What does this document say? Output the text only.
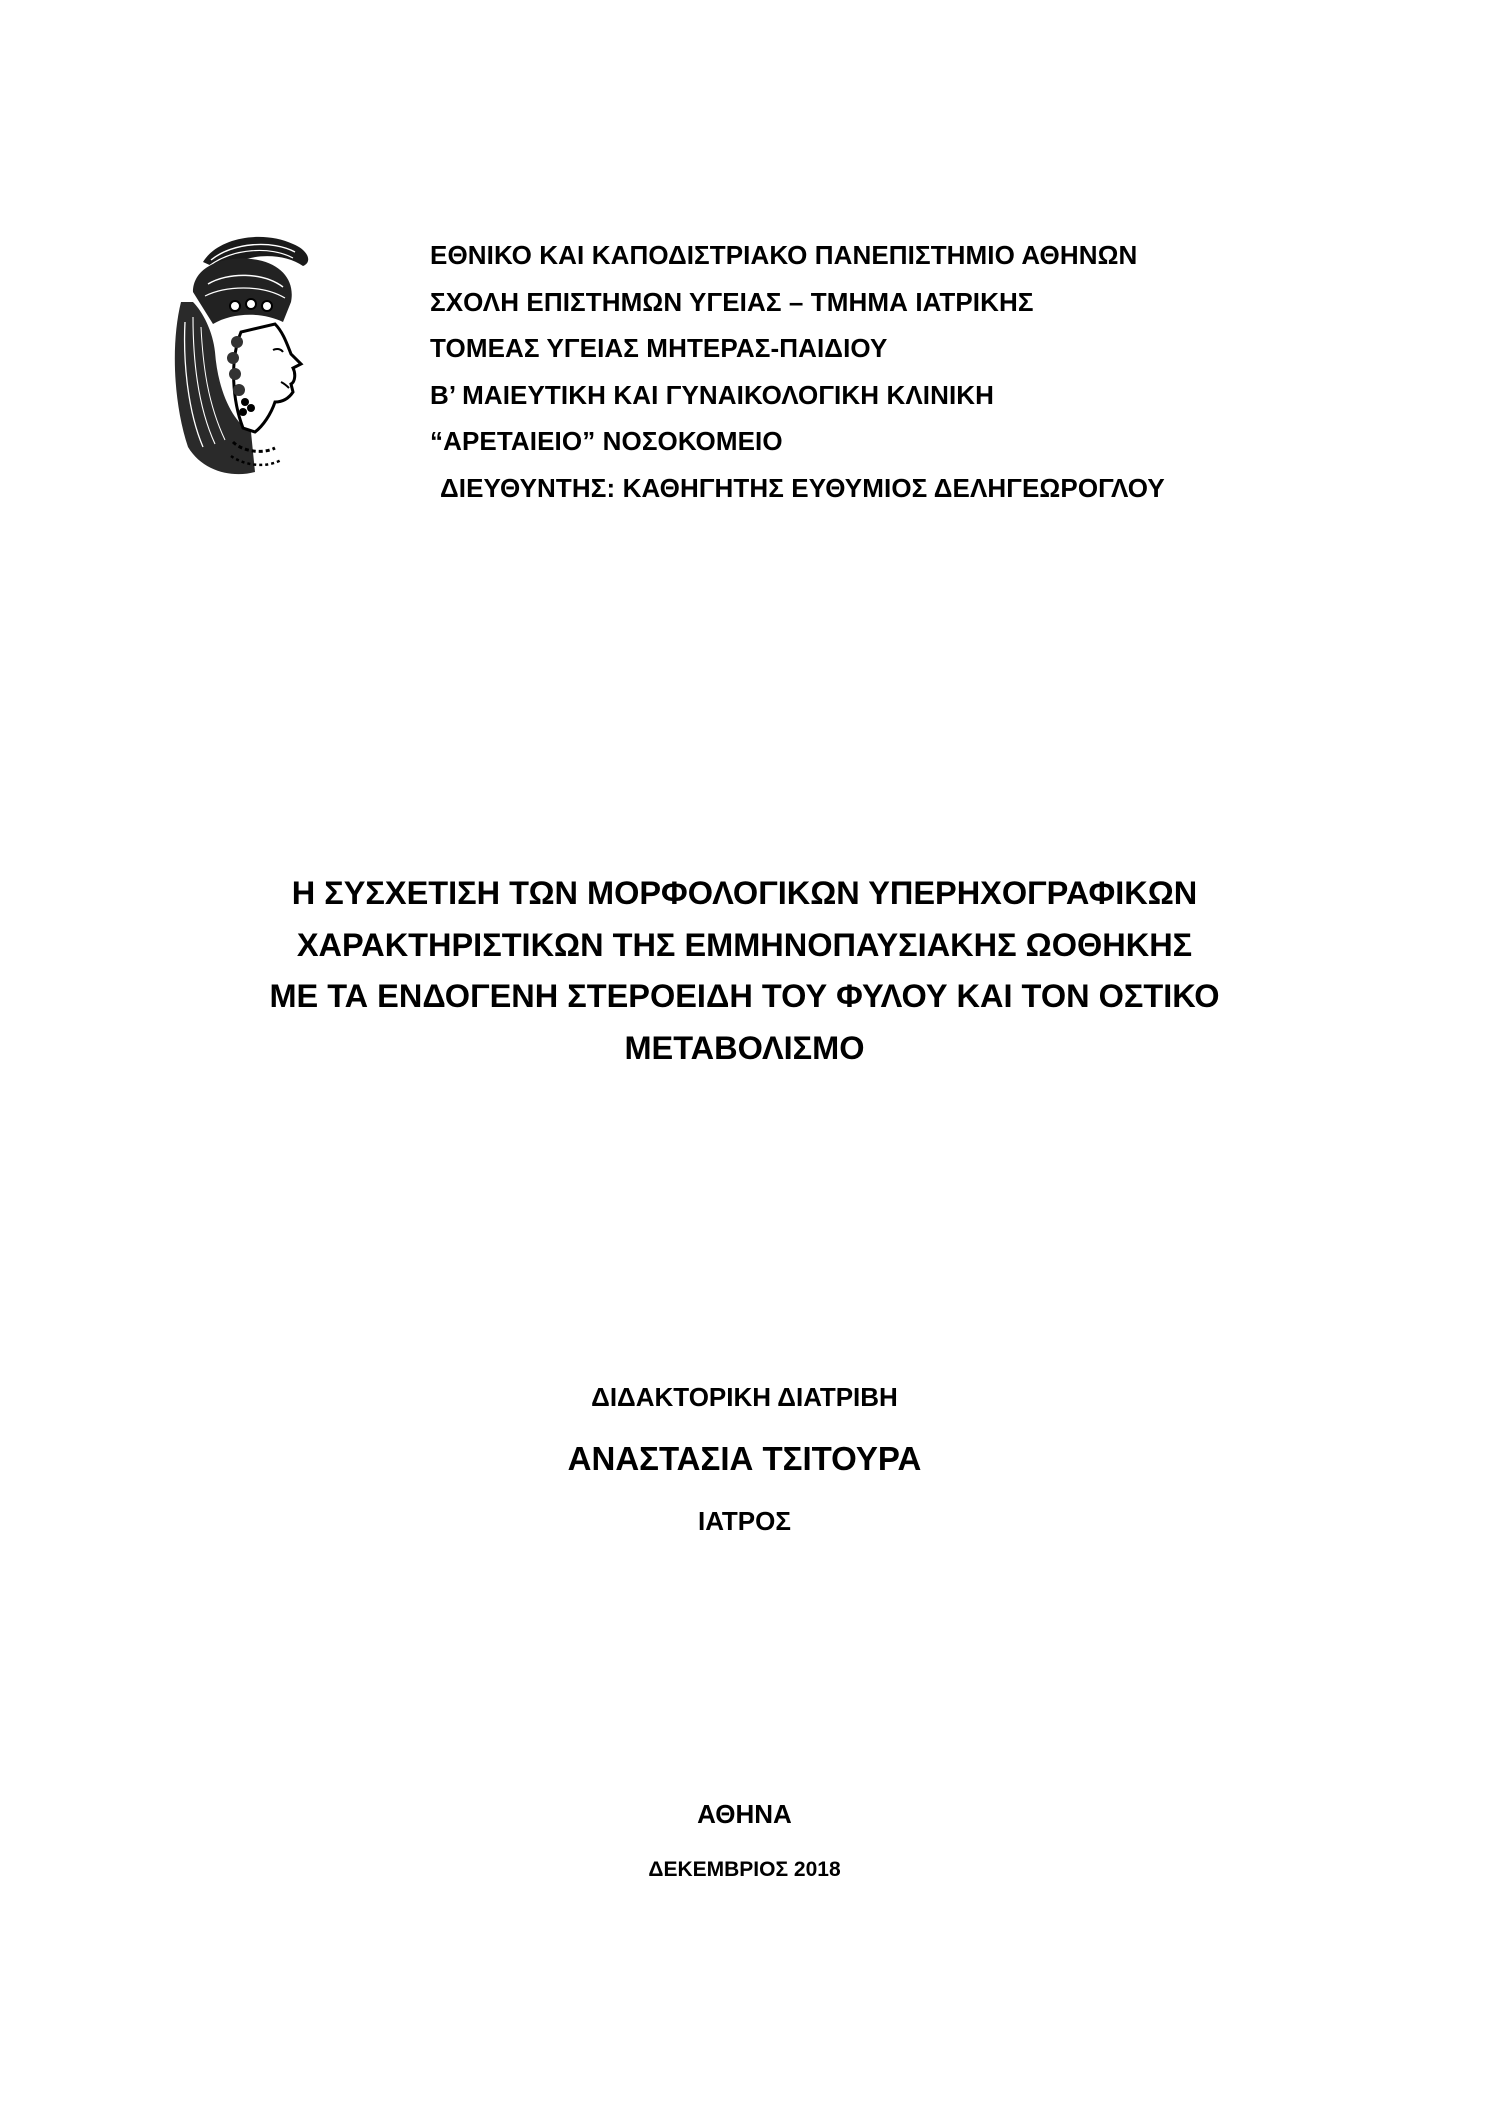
ΕΘΝΙΚΟ ΚΑΙ ΚΑΠΟΔΙΣΤΡΙΑΚΟ ΠΑΝΕΠΙΣΤΗΜΙΟ ΑΘΗΝΩΝ
ΣΧΟΛΗ ΕΠΙΣΤΗΜΩΝ ΥΓΕΙΑΣ – ΤΜΗΜΑ ΙΑΤΡΙΚΗΣ
ΤΟΜΕΑΣ ΥΓΕΙΑΣ ΜΗΤΕΡΑΣ-ΠΑΙΔΙΟΥ
Β’ ΜΑΙΕΥΤΙΚΗ ΚΑΙ ΓΥΝΑΙΚΟΛΟΓΙΚΗ ΚΛΙΝΙΚΗ
“ΑΡΕΤΑΙΕΙΟ” ΝΟΣΟΚΟΜΕΙΟ
ΔΙΕΥΘΥΝΤΗΣ: ΚΑΘΗΓΗΤΗΣ ΕΥΘΥΜΙΟΣ ΔΕΛΗΓΕΩΡΟΓΛΟΥ
Η ΣΥΣΧΕΤΙΣΗ ΤΩΝ ΜΟΡΦΟΛΟΓΙΚΩΝ ΥΠΕΡΗΧΟΓΡΑΦΙΚΩΝ
ΧΑΡΑΚΤΗΡΙΣΤΙΚΩΝ ΤΗΣ ΕΜΜΗΝΟΠΑΥΣΙΑΚΗΣ ΩΟΘΗΚΗΣ
ΜΕ ΤΑ ΕΝΔΟΓΕΝΗ ΣΤΕΡΟΕΙΔΗ ΤΟΥ ΦΥΛΟΥ ΚΑΙ ΤΟΝ ΟΣΤΙΚΟ
ΜΕΤΑΒΟΛΙΣΜΟ
ΔΙΔΑΚΤΟΡΙΚΗ ΔΙΑΤΡΙΒΗ
ΑΝΑΣΤΑΣΙΑ ΤΣΙΤΟΥΡΑ
ΙΑΤΡΟΣ
ΑΘΗΝΑ
ΔΕΚΕΜΒΡΙΟΣ 2018
